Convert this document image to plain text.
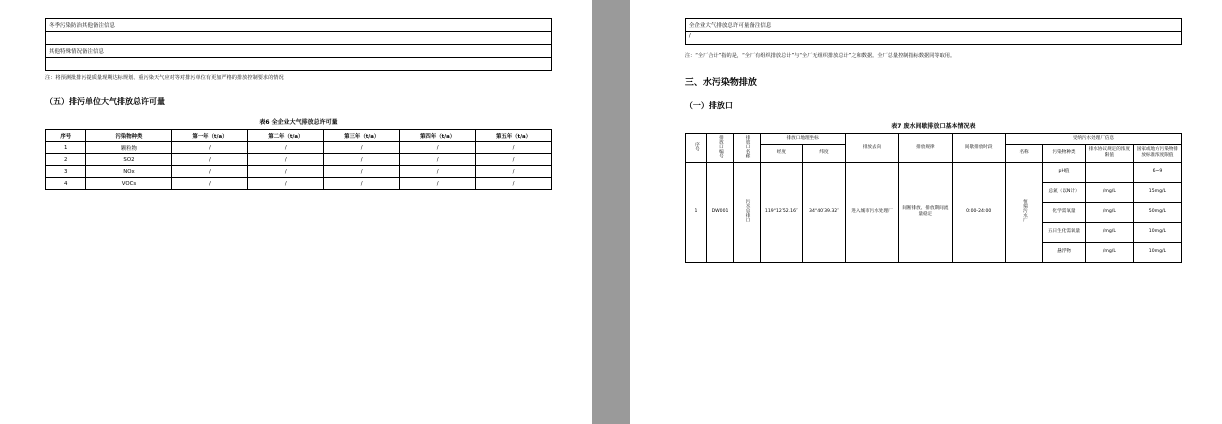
冬季污染防治其他备注信息

其他特殊情况备注信息

注：将预测批排污提质量现期达标规划、重污染天气应对等对排污单位有更加严格的排放控制要求的情况

（五）排污单位大气排放总许可量
表6 全企业大气排放总许可量
序号	污染物种类	第一年（t/a）	第二年（t/a）	第三年（t/a）	第四年（t/a）	第五年（t/a）
1	颗粒物	/	/	/	/	/
2	SO2	/	/	/	/	/
3	NOx	/	/	/	/	/
4	VOCs	/	/	/	/	/
全企业大气排放总许可量备注信息
/

注：“全厂合计”指的是，“全厂有组织排放总计”与“全厂无组织排放总计”之和数据。全厂总量控制指标数据同等取用。

三、水污染物排放
（一）排放口
表7 废水间歇排放口基本情况表
序号	排放口编号	排放口名称	排放口地理坐标		排放去向	排放规律	间歇排放时段	受纳污水处理厂信息			
			经度	纬度				名称	污染物种类	排水协议规定的浓度限值	国家或地方污染物排放标准浓度限值
1	DW001	污水总排口	119°12′52.16″	34°40′39.32″	进入城市污水处理厂	间断排放、排放期间流量稳定	0:00-24:00	恒瑞污水厂	pH值		6~9
									总氮（以N计）	/mg/L	15mg/L
									化学需氧量	/mg/L	50mg/L
									五日生化需氧量	/mg/L	10mg/L
									悬浮物	/mg/L	10mg/L
